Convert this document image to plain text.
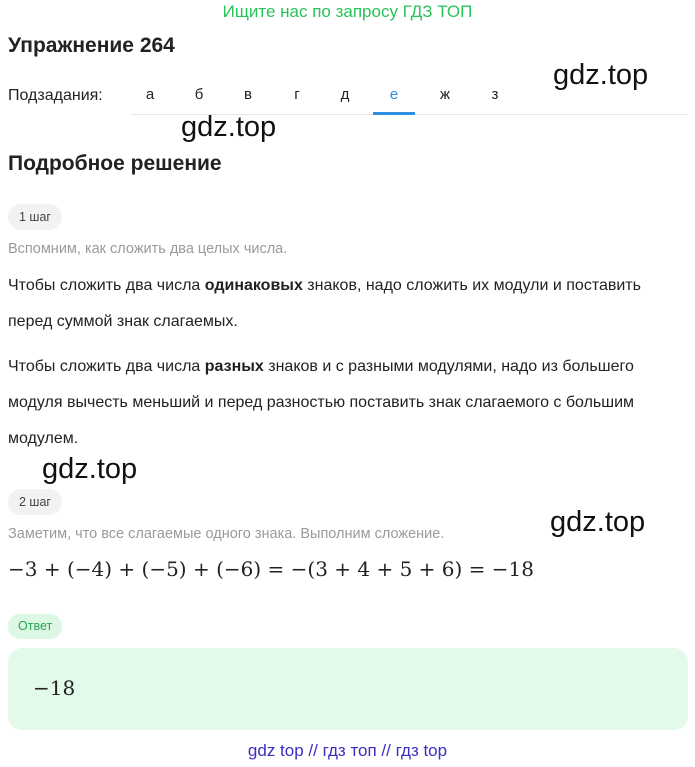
Ищите нас по запросу ГДЗ ТОП
Упражнение 264
Подзадания:	а	б	в	г	д	е	ж	з
gdz.top
gdz.top
Подробное решение
1 шаг
Вспомним, как сложить два целых числа.
Чтобы сложить два числа одинаковых знаков, надо сложить их модули и поставить перед суммой знак слагаемых.
Чтобы сложить два числа разных знаков и с разными модулями, надо из большего модуля вычесть меньший и перед разностью поставить знак слагаемого с большим модулем.
gdz.top
2 шаг
gdz.top
Заметим, что все слагаемые одного знака. Выполним сложение.
−3 + (−4) + (−5) + (−6) = −(3 + 4 + 5 + 6) = −18
Ответ
−18
gdz top // гдз топ // гдз top
